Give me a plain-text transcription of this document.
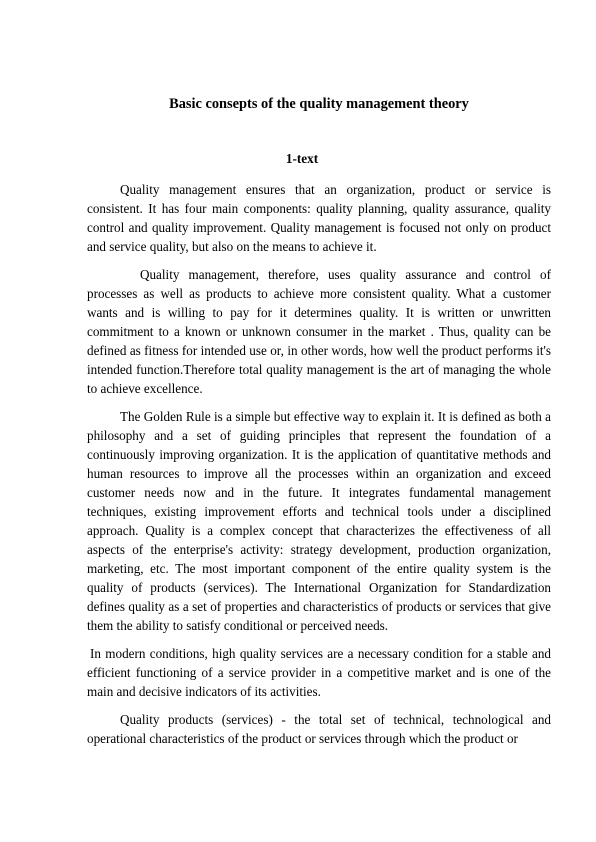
Basic consepts of the quality management theory
1-text

Quality management ensures that an organization, product or service is consistent. It has four main components: quality planning, quality assurance, quality control and quality improvement. Quality management is focused not only on product and service quality, but also on the means to achieve it.

Quality management, therefore, uses quality assurance and control of processes as well as products to achieve more consistent quality. What a customer wants and is willing to pay for it determines quality. It is written or unwritten commitment to a known or unknown consumer in the market . Thus, quality can be defined as fitness for intended use or, in other words, how well the product performs it's intended function.Therefore total quality management is the art of managing the whole to achieve excellence.

The Golden Rule is a simple but effective way to explain it. It is defined as both a philosophy and a set of guiding principles that represent the foundation of a continuously improving organization. It is the application of quantitative methods and human resources to improve all the processes within an organization and exceed customer needs now and in the future. It integrates fundamental management techniques, existing improvement efforts and technical tools under a disciplined approach. Quality is a complex concept that characterizes the effectiveness of all aspects of the enterprise's activity: strategy development, production organization, marketing, etc. The most important component of the entire quality system is the quality of products (services). The International Organization for Standardization defines quality as a set of properties and characteristics of products or services that give them the ability to satisfy conditional or perceived needs.

In modern conditions, high quality services are a necessary condition for a stable and efficient functioning of a service provider in a competitive market and is one of the main and decisive indicators of its activities.

Quality products (services) - the total set of technical, technological and operational characteristics of the product or services through which the product or
